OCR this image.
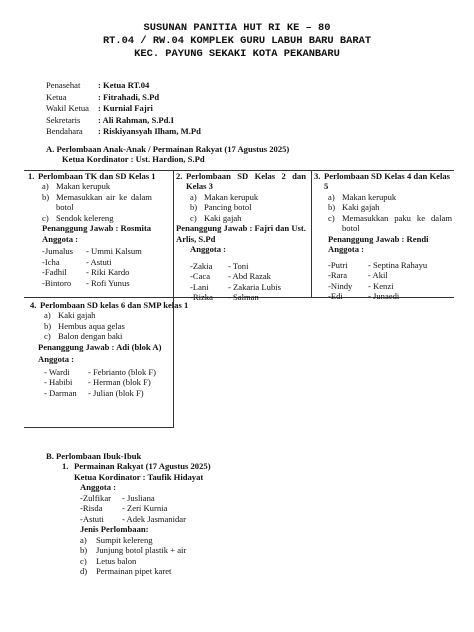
SUSUNAN PANITIA HUT RI KE – 80
RT.04 / RW.04 KOMPLEK GURU LABUH BARU BARAT
KEC. PAYUNG SEKAKI KOTA PEKANBARU
Penasehat	: Ketua RT.04
Ketua	: Fitrahadi, S.Pd
Wakil Ketua	: Kurnial Fajri
Sekretaris	: Ali Rahman, S.Pd.I
Bendahara	: Riskiyansyah Ilham, M.Pd
A. Perlombaan Anak-Anak / Permainan Rakyat (17 Agustus 2025)
Ketua Kordinator : Ust. Hardion, S.Pd
1. Perlombaan TK dan SD Kelas 1
a) Makan kerupuk
b) Memasukkan air ke dalam botol
c) Sendok kelereng
Penanggung Jawab : Rosmita
Anggota :
-Jumalus	- Ummi Kalsum
-Icha	- Astuti
-Fadhil	- Riki Kardo
-Bintoro	- Rofi Yunus
2. Perlombaan SD Kelas 2 dan Kelas 3
a) Makan kerupuk
b) Pancing botol
c) Kaki gajah
Penanggung Jawab : Fajri dan Ust. Arlis, S.Pd
Anggota :
-Zakia	- Toni
-Caca	- Abd Razak
-Lani	- Zakaria Lubis
-Rizka	- Salman
3. Perlombaan SD Kelas 4 dan Kelas 5
a) Makan kerupuk
b) Kaki gajah
c) Memasukkan paku ke dalam botol
Penanggung Jawab : Rendi
Anggota :
-Putri	- Septina Rahayu
-Rara	- Akil
-Nindy	- Kenzi
-Edi	- Junaedi
4. Perlombaan SD kelas 6 dan SMP kelas 1
a) Kaki gajah
b) Hembus aqua gelas
c) Balon dengan baki
Penanggung Jawab : Adi (blok A)
Anggota :
- Wardi	- Febrianto (blok F)
- Habibi	- Herman (blok F)
- Darman	- Julian (blok F)
B. Perlombaan Ibuk-Ibuk
1. Permainan Rakyat (17 Agustus 2025)
Ketua Kordinator : Taufik Hidayat
Anggota :
-Zulfikar	- Jusliana
-Risda	- Zeri Kurnia
-Astuti	- Adek Jasmanidar
Jenis Perlombaan:
a)	Sumpit kelereng
b)	Junjung botol plastik + air
c)	Letus balon
d)	Permainan pipet karet
